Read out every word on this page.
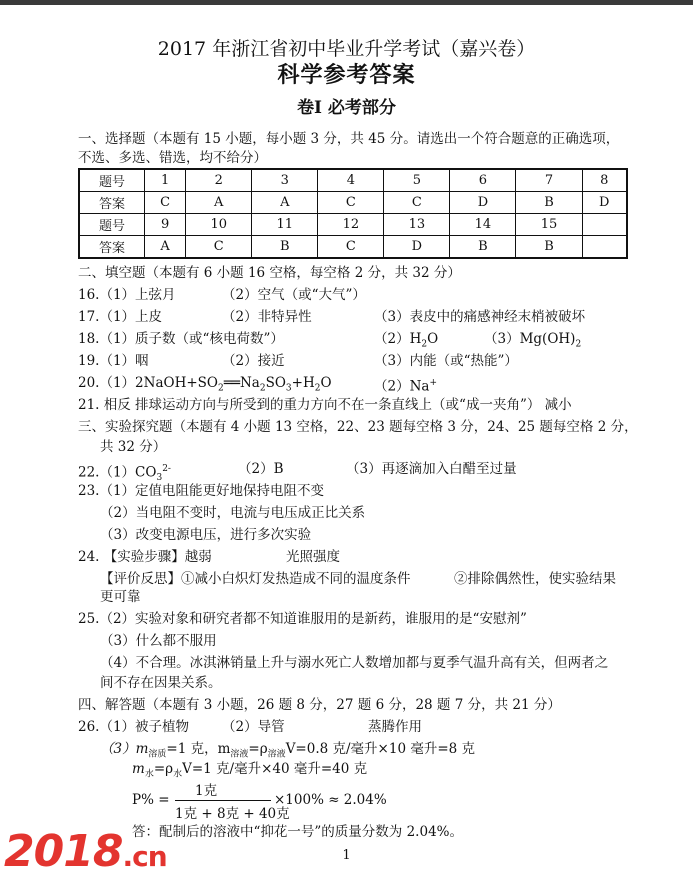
2017 年浙江省初中毕业升学考试（嘉兴卷）
科学参考答案
卷Ⅰ 必考部分
一、选择题（本题有 15 小题，每小题 3 分，共 45 分。请选出一个符合题意的正确选项，
不选、多选、错选，均不给分）
题号	1	2	3	4	5	6	7	8
答案	C	A	A	C	C	D	B	D
题号	9	10	11	12	13	14	15	
答案	A	C	B	C	D	B	B	
二、填空题（本题有 6 小题 16 空格，每空格 2 分，共 32 分）
16.（1）上弦月	（2）空气（或“大气”）
17.（1）上皮	（2）非特异性	（3）表皮中的痛感神经末梢被破坏
18.（1）质子数（或“核电荷数”）	$(2)H_2O$	$(3)Mg(OH)_2$
19.（1）咽	（2）接近	（3）内能（或“热能”）
$20.(1)2NaOH+SO_2══Na_2SO_3+H_2O$	（2）Na+
21. 相反 排球运动方向与所受到的重力方向不在一条直线上（或“成一夹角”） 减小
三、实验探究题（本题有 4 小题 13 空格，22、23 题每空格 3 分，24、25 题每空格 2 分，
共 32 分）
$22.(1)CO_3^{2-}$	（2）B	（3）再逐滴加入白醋至过量
23.（1）定值电阻能更好地保持电阻不变
（2）当电阻不变时，电流与电压成正比关系
（3）改变电源电压，进行多次实验
24. 【实验步骤】越弱	光照强度
【评价反思】①减小白炽灯发热造成不同的温度条件	②排除偶然性，使实验结果
更可靠
25.（2）实验对象和研究者都不知道谁服用的是新药，谁服用的是“安慰剂”
（3）什么都不服用
（4）不合理。冰淇淋销量上升与溺水死亡人数增加都与夏季气温升高有关，但两者之
间不存在因果关系。
四、解答题（本题有 3 小题，26 题 8 分，27 题 6 分，28 题 7 分，共 21 分）
26.（1）被子植物 （2）导管	蒸腾作用
$(3)m_{溶质}=1$ 克，$m_{溶液}=\rho_{溶液}V=0.8$ 克/毫升×10 毫升=8 克
$m_水=\rho_水V=1$ 克/毫升×40 毫升=40 克
P% =
1克
1克 + 8克 + 40克
×100% ≈ 2.04%
答：配制后的溶液中“抑花一号”的质量分数为 2.04%。
2018.cn	1
